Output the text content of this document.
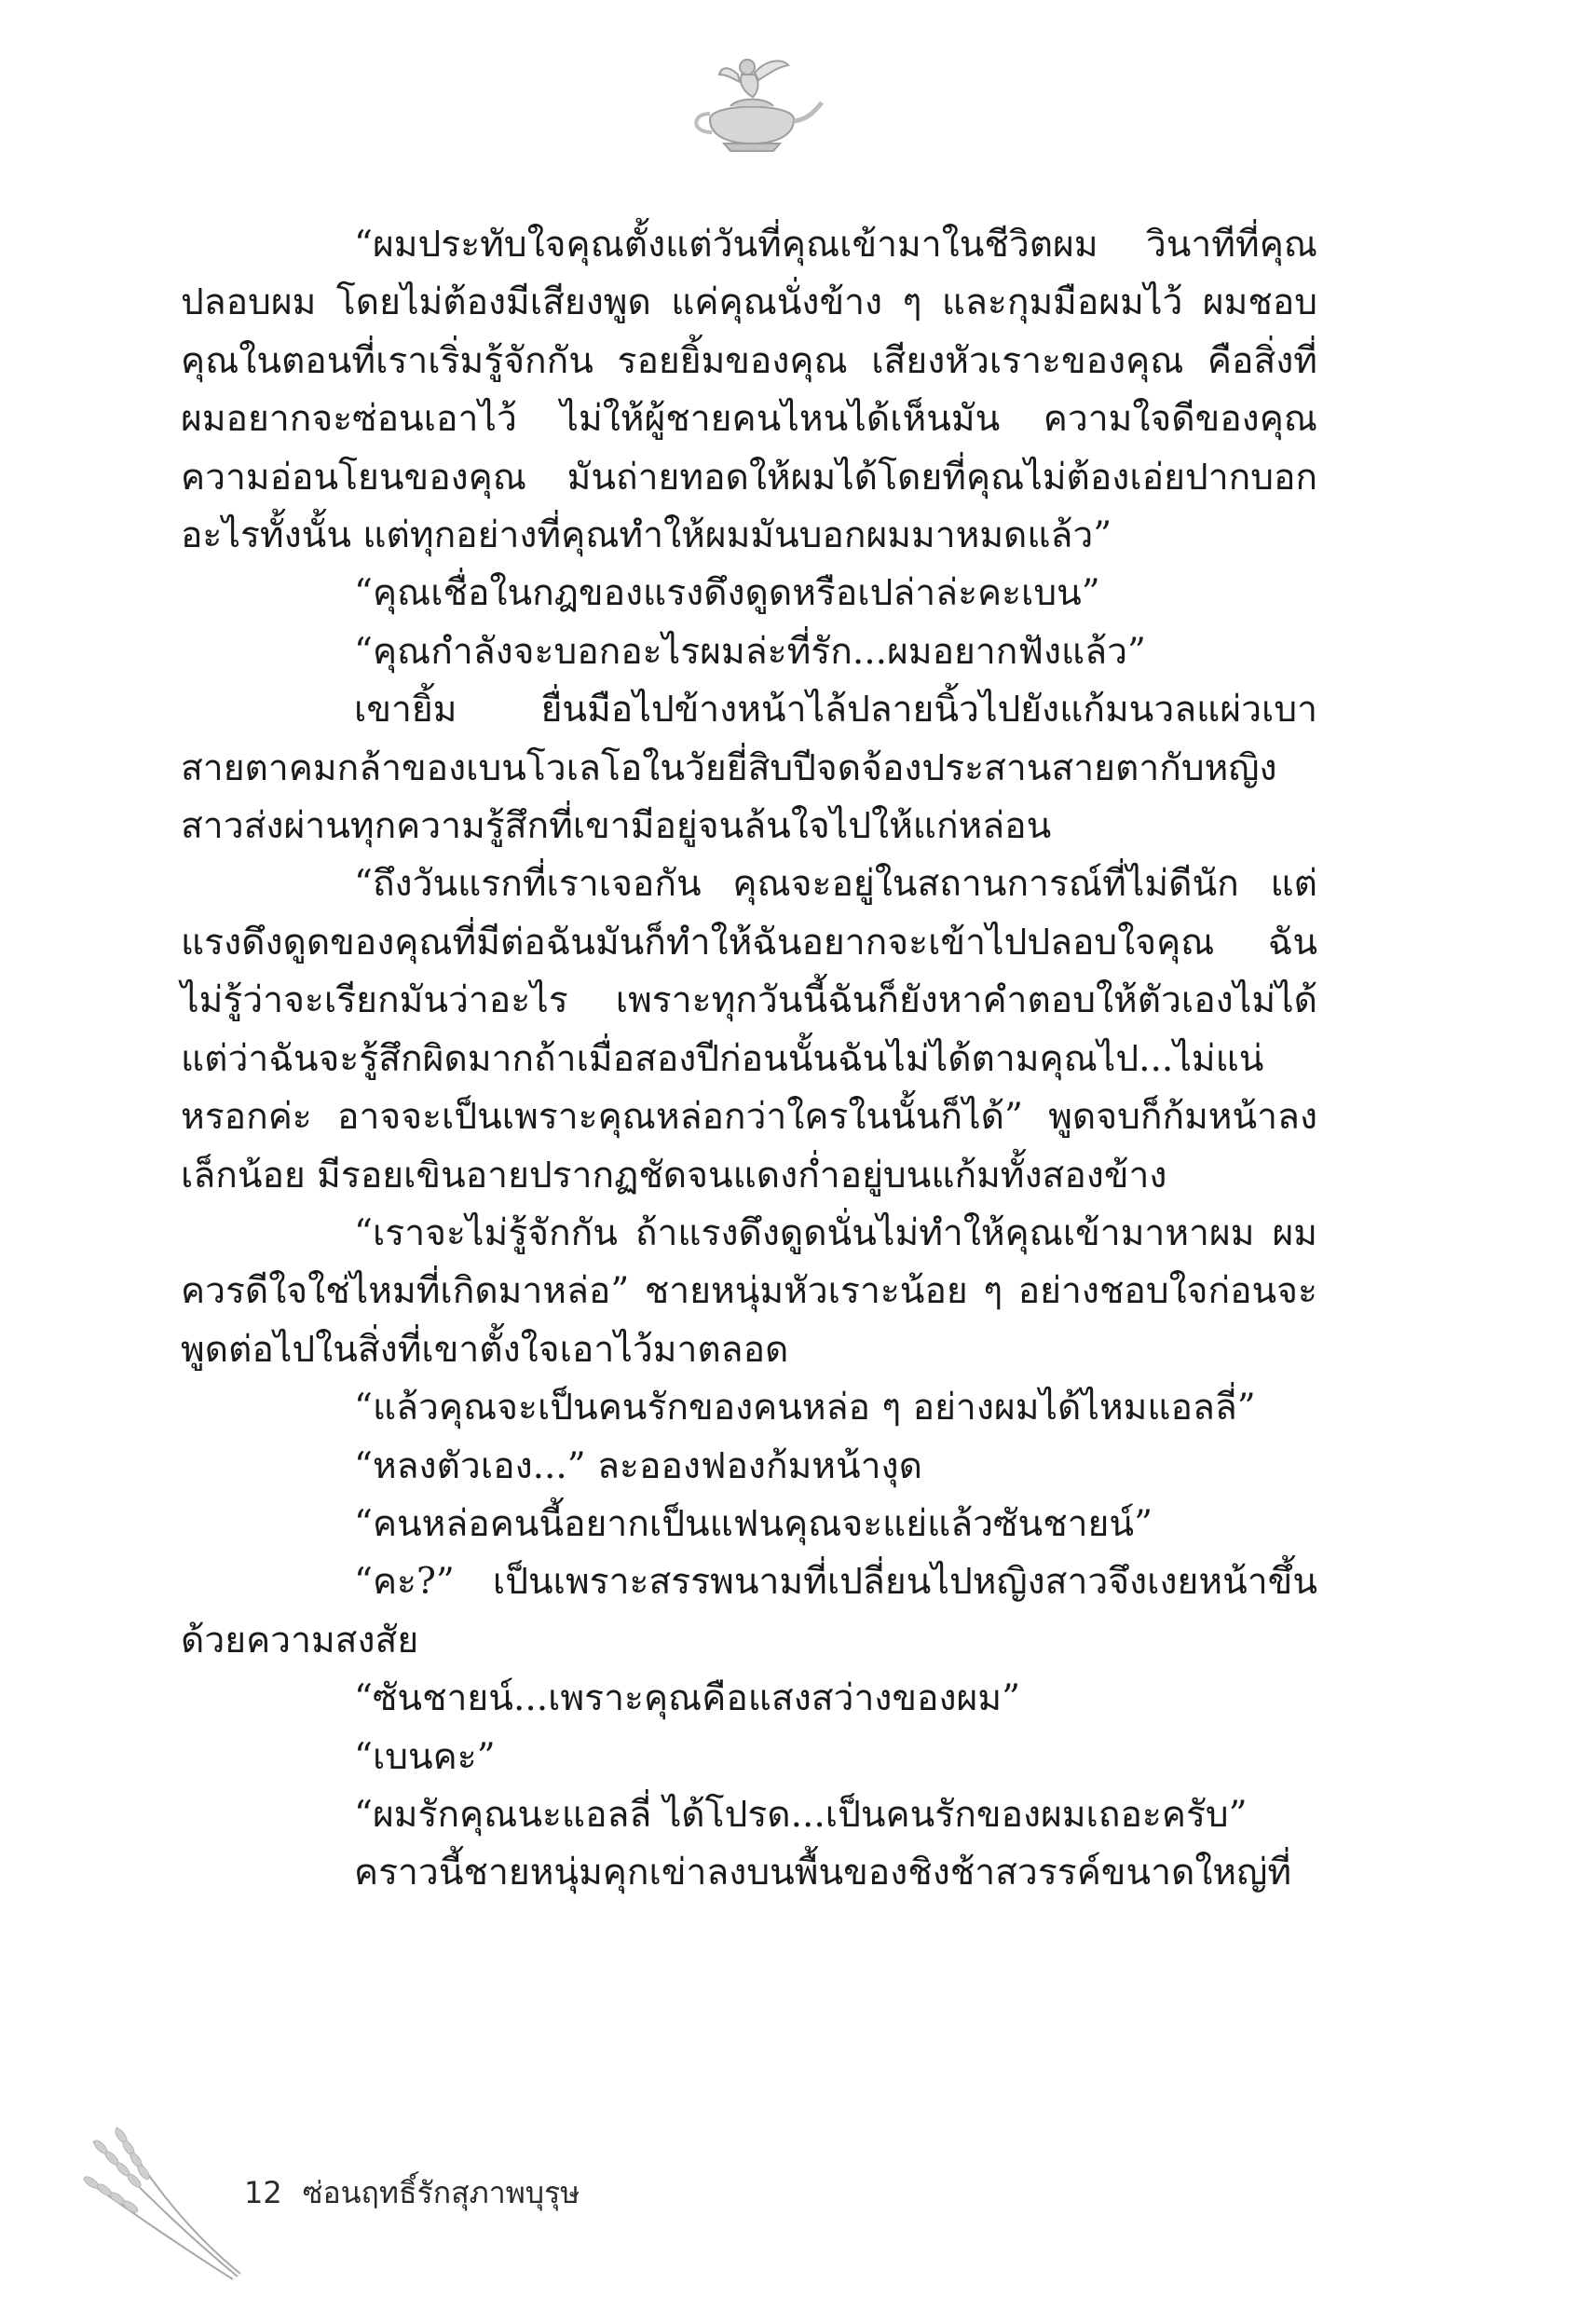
“ผมประทับใจคุณตั้งแต่วันที่คุณเข้ามาในชีวิตผม วินาทีที่คุณปลอบผม โดยไม่ต้องมีเสียงพูด แค่คุณนั่งข้าง ๆ และกุมมือผมไว้ ผมชอบคุณในตอนที่เราเริ่มรู้จักกัน รอยยิ้มของคุณ เสียงหัวเราะของคุณ คือสิ่งที่ผมอยากจะซ่อนเอาไว้ ไม่ให้ผู้ชายคนไหนได้เห็นมัน ความใจดีของคุณความอ่อนโยนของคุณ มันถ่ายทอดให้ผมได้โดยที่คุณไม่ต้องเอ่ยปากบอกอะไรทั้งนั้น แต่ทุกอย่างที่คุณทำให้ผมมันบอกผมมาหมดแล้ว”

“คุณเชื่อในกฎของแรงดึงดูดหรือเปล่าล่ะคะเบน”

“คุณกำลังจะบอกอะไรผมล่ะที่รัก...ผมอยากฟังแล้ว”

เขายิ้ม ยื่นมือไปข้างหน้าไล้ปลายนิ้วไปยังแก้มนวลแผ่วเบาสายตาคมกล้าของเบนโวเลโอในวัยยี่สิบปีจดจ้องประสานสายตากับหญิงสาวส่งผ่านทุกความรู้สึกที่เขามีอยู่จนล้นใจไปให้แก่หล่อน

“ถึงวันแรกที่เราเจอกัน คุณจะอยู่ในสถานการณ์ที่ไม่ดีนัก แต่แรงดึงดูดของคุณที่มีต่อฉันมันก็ทำให้ฉันอยากจะเข้าไปปลอบใจคุณ ฉันไม่รู้ว่าจะเรียกมันว่าอะไร เพราะทุกวันนี้ฉันก็ยังหาคำตอบให้ตัวเองไม่ได้แต่ว่าฉันจะรู้สึกผิดมากถ้าเมื่อสองปีก่อนนั้นฉันไม่ได้ตามคุณไป...ไม่แน่หรอกค่ะ อาจจะเป็นเพราะคุณหล่อกว่าใครในนั้นก็ได้” พูดจบก็ก้มหน้าลงเล็กน้อย มีรอยเขินอายปรากฏชัดจนแดงก่ำอยู่บนแก้มทั้งสองข้าง

“เราจะไม่รู้จักกัน ถ้าแรงดึงดูดนั่นไม่ทำให้คุณเข้ามาหาผม ผมควรดีใจใช่ไหมที่เกิดมาหล่อ” ชายหนุ่มหัวเราะน้อย ๆ อย่างชอบใจก่อนจะพูดต่อไปในสิ่งที่เขาตั้งใจเอาไว้มาตลอด

“แล้วคุณจะเป็นคนรักของคนหล่อ ๆ อย่างผมได้ไหมแอลลี่”

“หลงตัวเอง...” ละอองฟองก้มหน้างุด

“คนหล่อคนนี้อยากเป็นแฟนคุณจะแย่แล้วซันชายน์”

“คะ?” เป็นเพราะสรรพนามที่เปลี่ยนไปหญิงสาวจึงเงยหน้าขึ้นด้วยความสงสัย

“ซันชายน์...เพราะคุณคือแสงสว่างของผม”

“เบนคะ”

“ผมรักคุณนะแอลลี่ ได้โปรด...เป็นคนรักของผมเถอะครับ”

คราวนี้ชายหนุ่มคุกเข่าลงบนพื้นของชิงช้าสวรรค์ขนาดใหญ่ที่

12 ซ่อนฤทธิ์รักสุภาพบุรุษ
